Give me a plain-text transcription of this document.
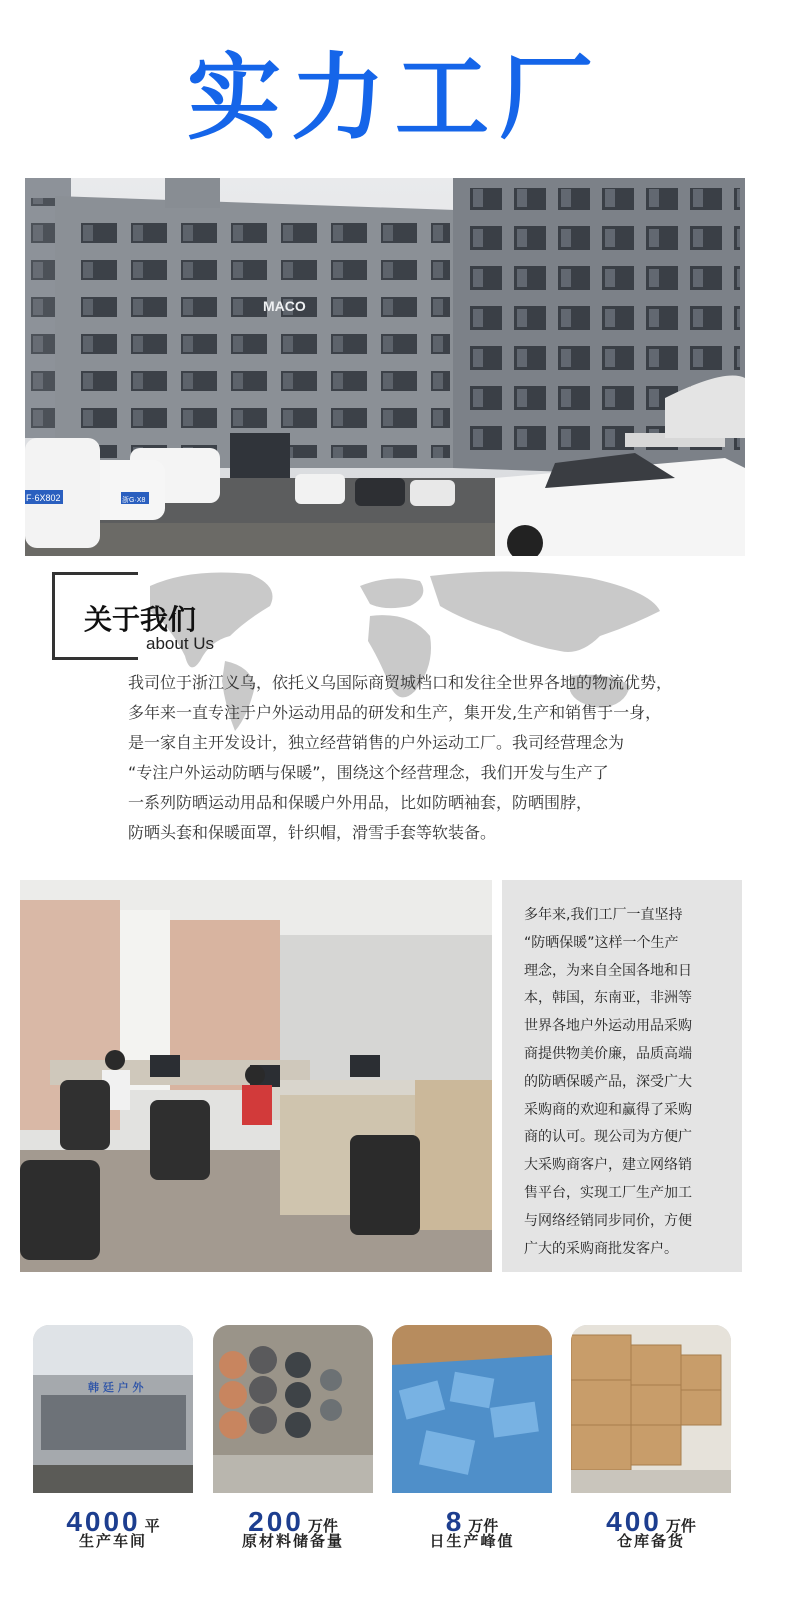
实力工厂
MACO
F·6X802	浙G·X8
关于我们
about Us

我司位于浙江义乌，依托义乌国际商贸城档口和发往全世界各地的物流优势，

多年来一直专注于户外运动用品的研发和生产，集开发,生产和销售于一身，

是一家自主开发设计，独立经营销售的户外运动工厂。我司经营理念为

“专注户外运动防晒与保暖”，围绕这个经营理念，我们开发与生产了

一系列防晒运动用品和保暖户外用品，比如防晒袖套，防晒围脖，

防晒头套和保暖面罩，针织帽，滑雪手套等软装备。

多年来,我们工厂一直坚持

“防晒保暖”这样一个生产

理念，为来自全国各地和日

本，韩国，东南亚，非洲等

世界各地户外运动用品采购

商提供物美价廉，品质高端

的防晒保暖产品，深受广大

采购商的欢迎和赢得了采购

商的认可。现公司为方便广

大采购商客户，建立网络销

售平台，实现工厂生产加工

与网络经销同步同价，方便

广大的采购商批发客户。

韩 廷 户 外
4000 平
生产车间
200 万件
原材料储备量
8 万件
日生产峰值
400 万件
仓库备货
